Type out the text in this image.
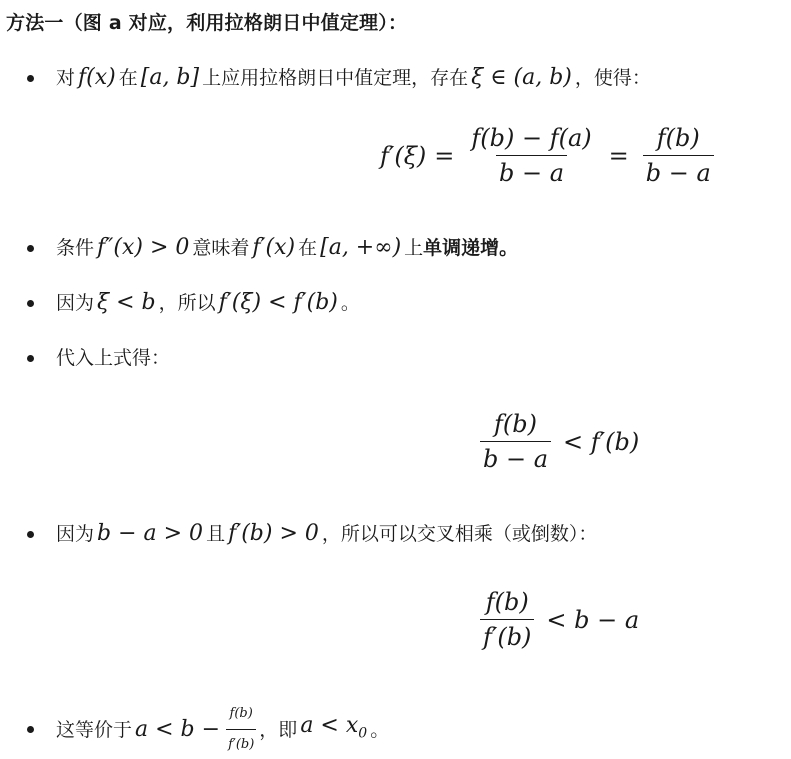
方法一（图 a 对应，利用拉格朗日中值定理）：
对 f(x) 在 [a, b] 上应用拉格朗日中值定理，存在 ξ ∈ (a, b) ，使得：
$f'(\xi) = \frac{f(b) - f(a)}{b - a} = \frac{f(b)}{b - a}$
条件 f″(x) > 0 意味着 f′(x) 在 [a, +∞) 上 单调递增。
因为 ξ < b ，所以 f′(ξ) < f′(b) 。
代入上式得：
$\frac{f(b)}{b - a} < f'(b)$
因为 b − a > 0 且 f′(b) > 0 ，所以可以交叉相乘（或倒数）：
$\frac{f(b)}{f'(b)} < b - a$
这等价于 $a < b - \frac{f(b)}{f'(b)}$ ，即 $a < x_0$ 。
